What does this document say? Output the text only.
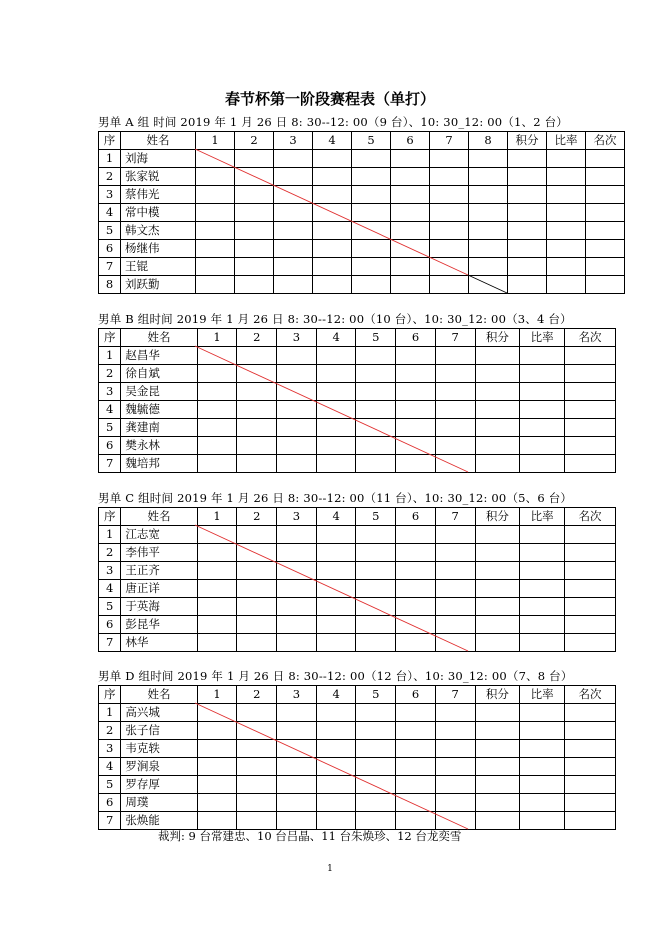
春节杯第一阶段赛程表（单打）
男单 A 组 时间 2019 年 1 月 26 日 8: 30--12: 00（9 台）、10: 30_12: 00（1、2 台）
序	姓名	1	2	3	4	5	6	7	8	积分	比率	名次
1	刘海											
2	张家锐											
3	蔡伟光											
4	常中模											
5	韩文杰											
6	杨继伟											
7	王锟											
8	刘跃勤											
男单 B 组时间 2019 年 1 月 26 日 8: 30--12: 00（10 台）、10: 30_12: 00（3、4 台）
序	姓名	1	2	3	4	5	6	7	积分	比率	名次
1	赵昌华										
2	徐自斌										
3	吴金昆										
4	魏毓德										
5	龚建南										
6	樊永林										
7	魏培邦										
男单 C 组时间 2019 年 1 月 26 日 8: 30--12: 00（11 台）、10: 30_12: 00（5、6 台）
序	姓名	1	2	3	4	5	6	7	积分	比率	名次
1	江志宽										
2	李伟平										
3	王正齐										
4	唐正详										
5	于英海										
6	彭昆华										
7	林华										
男单 D 组时间 2019 年 1 月 26 日 8: 30--12: 00（12 台）、10: 30_12: 00（7、8 台）
序	姓名	1	2	3	4	5	6	7	积分	比率	名次
1	高兴城										
2	张子信										
3	韦克轶										
4	罗涧泉										
5	罗存厚										
6	周璞										
7	张焕能										
裁判: 9 台常建忠、10 台吕晶、11 台朱焕珍、12 台龙奕雪
1
